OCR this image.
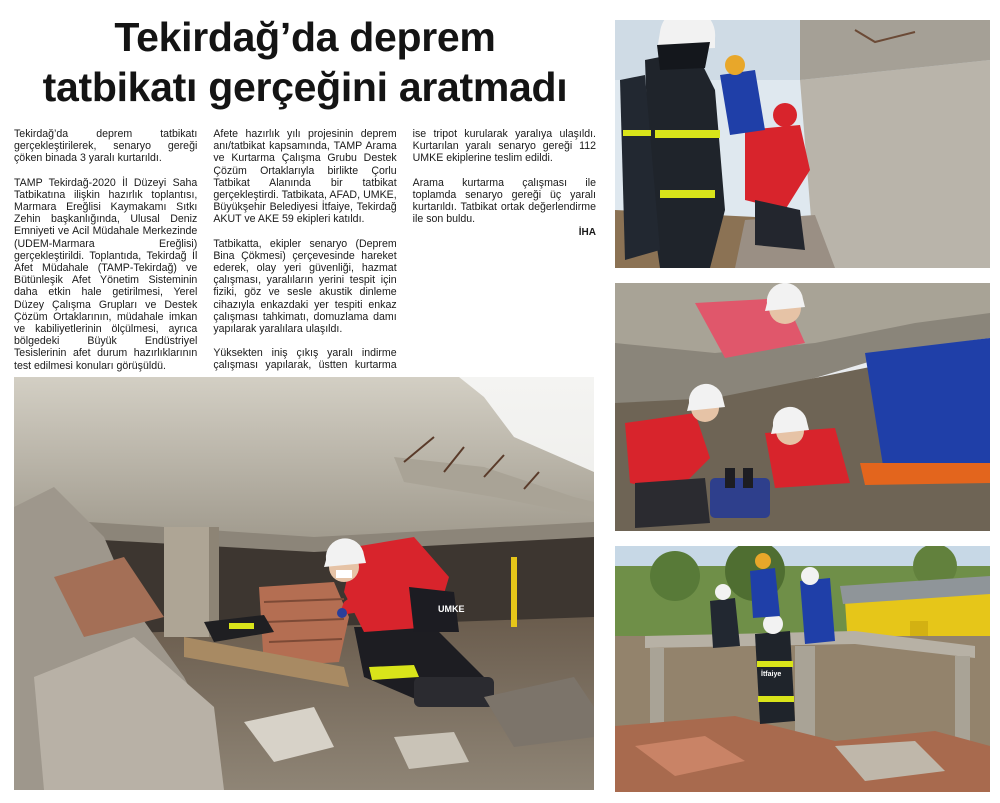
Tekirdağ’da deprem
tatbikatı gerçeğini aratmadı

Tekirdağ’da deprem tatbikatı gerçekleştirilerek, senaryo gereği çöken binada 3 yaralı kurtarıldı.

TAMP Tekirdağ-2020 İl Düzeyi Saha Tatbikatına ilişkin hazırlık toplantısı, Marmara Ereğlisi Kaymakamı Sıtkı Zehin başkanlığında, Ulusal Deniz Emniyeti ve Acil Müdahale Merkezinde (UDEM-Marmara Ereğlisi) gerçekleştirildi. Toplantıda, Tekirdağ İl Afet Müdahale (TAMP-Tekirdağ) ve Bütünleşik Afet Yönetim Sisteminin daha etkin hale getirilmesi, Yerel Düzey Çalışma Grupları ve Destek Çözüm Ortaklarının, müdahale imkan ve kabiliyetlerinin ölçülmesi, ayrıca bölgedeki Büyük Endüstriyel Tesislerinin afet durum hazırlıklarının test edilmesi konuları görüşüldü.

Afete hazırlık yılı projesinin deprem anı/tatbikat kapsamında, TAMP Arama ve Kurtarma Çalışma Grubu Destek Çözüm Ortaklarıyla birlikte Çorlu Tatbikat Alanında bir tatbikat gerçekleştirdi. Tatbikata, AFAD, UMKE, Büyükşehir Belediyesi İtfaiye, Tekirdağ AKUT ve AKE 59 ekipleri katıldı.

Tatbikatta, ekipler senaryo (Deprem Bina Çökmesi) çerçevesinde hareket ederek, olay yeri güvenliği, hazmat çalışması, yaralıların yerini tespit için fiziki, göz ve sesle akustik dinleme cihazıyla enkazdaki yer tespiti enkaz çalışması tahkimatı, domuzlama damı yapılarak yaralılara ulaşıldı.

Yüksekten iniş çıkış yaralı indirme çalışması yapılarak, üstten kurtarma ise tripot kurularak yaralıya ulaşıldı. Kurtarılan yaralı senaryo gereği 112 UMKE ekiplerine teslim edildi.

Arama kurtarma çalışması ile toplamda senaryo gereği üç yaralı kurtarıldı. Tatbikat ortak değerlendirme ile son buldu.

İHA
UMKE
İtfaiye
